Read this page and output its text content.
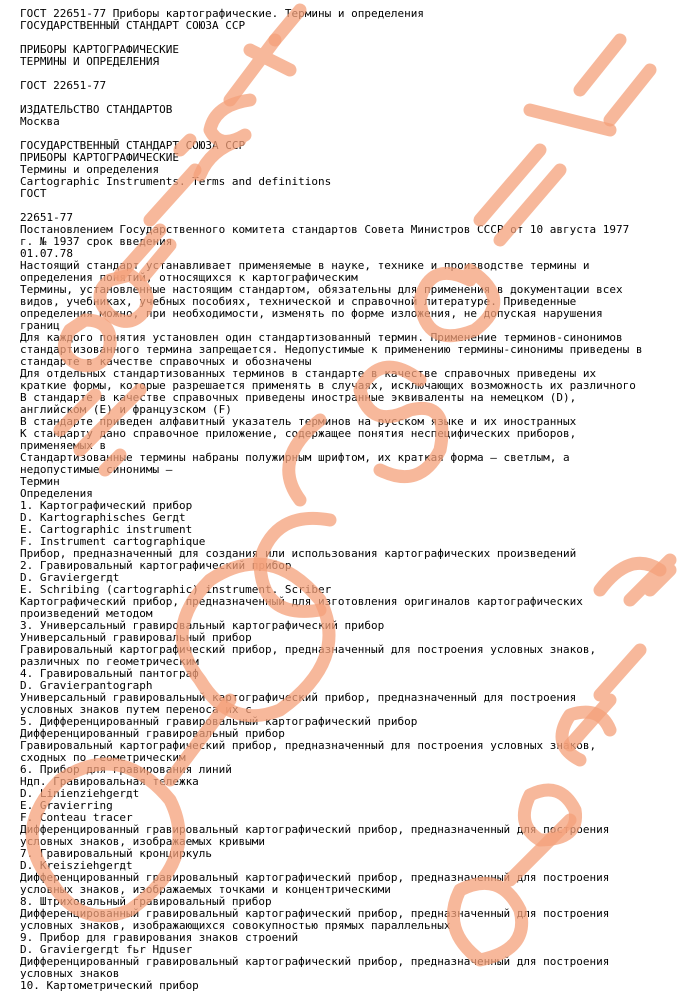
ГОСТ 22651-77 Приборы картографические. Термины и определения
ГОСУДАРСТВЕННЫЙ СТАНДАРТ СОЮЗА ССР

ПРИБОРЫ КАРТОГРАФИЧЕСКИЕ
ТЕРМИНЫ И ОПРЕДЕЛЕНИЯ

ГОСТ 22651-77

ИЗДАТЕЛЬСТВО СТАНДАРТОВ
Москва

ГОСУДАРСТВЕННЫЙ СТАНДАРТ СОЮЗА ССР
ПРИБОРЫ КАРТОГРАФИЧЕСКИЕ
Термины и определения
Cartographic Instruments. Terms and definitions
ГОСТ

22651-77
Постановлением Государственного комитета стандартов Совета Министров СССР от 10 августа 1977
г. № 1937 срок введения
01.07.78
Настоящий стандарт устанавливает применяемые в науке, технике и производстве термины и
определения понятий, относящихся к картографическим
Термины, установленные настоящим стандартом, обязательны для применения в документации всех
видов, учебниках, учебных пособиях, технической и справочной литературе. Приведенные
определения можно, при необходимости, изменять по форме изложения, не допуская нарушения
границ
Для каждого понятия установлен один стандартизованный термин. Применение терминов-синонимов
стандартизованного термина запрещается. Недопустимые к применению термины-синонимы приведены в
стандарте в качестве справочных и обозначены
Для отдельных стандартизованных терминов в стандарте в качестве справочных приведены их
краткие формы, которые разрешается применять в случаях, исключающих возможность их различного
В стандарте в качестве справочных приведены иностранные эквиваленты на немецком (D),
английском (Е) и французском (F)
В стандарте приведен алфавитный указатель терминов на русском языке и их иностранных
К стандарту дано справочное приложение, содержащее понятия неспецифических приборов,
применяемых в
Стандартизованные термины набраны полужирным шрифтом, их краткая форма — светлым, а
недопустимые синонимы —
Термин
Определения
1. Картографический прибор
D. Kartographisches Gerдt
E. Cartographic instrument
F. Instrument cartographique
Прибор, предназначенный для создания или использования картографических произведений
2. Гравировальный картографический прибор
D. Graviergerдt
E. Schribing (cartographic) instrument. Scriber
Картографический прибор, предназначенный для изготовления оригиналов картографических
произведений методом
3. Универсальный гравировальный картографический прибор
Универсальный гравировальный прибор
Гравировальный картографический прибор, предназначенный для построения условных знаков,
различных по геометрическим
4. Гравировальный пантограф
D. Gravierpantograph
Универсальный гравировальный картографический прибор, предназначенный для построения
условных знаков путем переноса их с
5. Дифференцированный гравировальный картографический прибор
Дифференцированный гравировальный прибор
Гравировальный картографический прибор, предназначенный для построения условных знаков,
сходных по геометрическим
6. Прибор для гравирования линий
Ндп. Гравировальная тележка
D. Linienziehgerдt
E. Gravierring
F. Conteau tracer
Дифференцированный гравировальный картографический прибор, предназначенный для построения
условных знаков, изображаемых кривыми
7. Гравировальный кронциркуль
D. Kreisziehgerдt
Дифференцированный гравировальный картографический прибор, предназначенный для построения
условных знаков, изображаемых точками и концентрическими
8. Штриховальный гравировальный прибор
Дифференцированный гравировальный картографический прибор, предназначенный для построения
условных знаков, изображающихся совокупностью прямых параллельных
9. Прибор для гравирования знаков строений
D. Graviergerдt fьr Hдuser
Дифференцированный гравировальный картографический прибор, предназначенный для построения
условных знаков
10. Картометрический прибор
